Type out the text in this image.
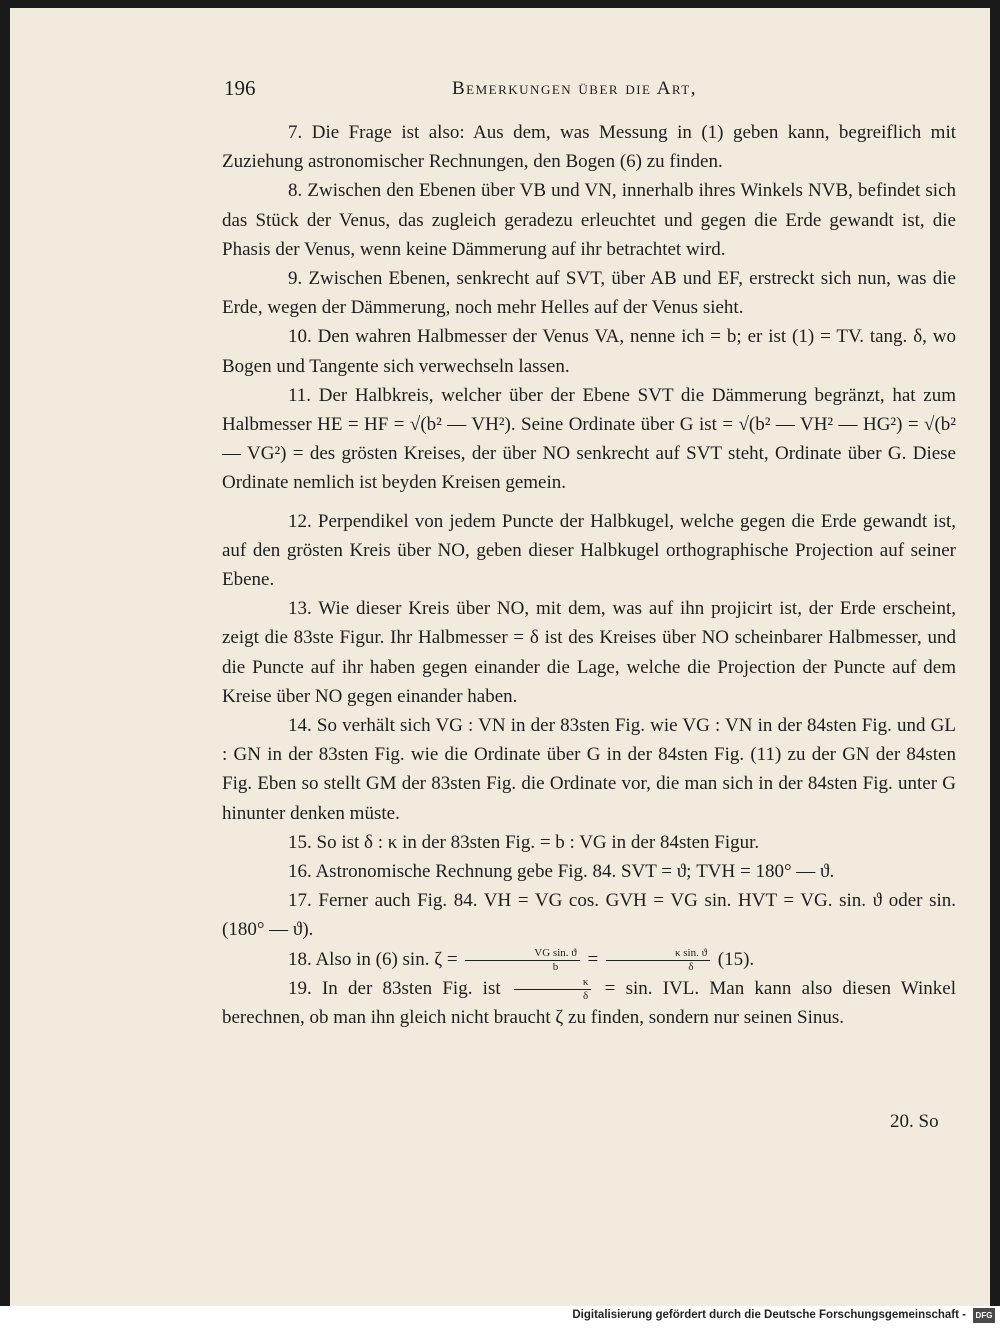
196	Bemerkungen über die Art,

7. Die Frage ist also: Aus dem, was Messung in (1) geben kann, begreiflich mit Zuziehung astronomischer Rechnungen, den Bogen (6) zu finden.

8. Zwischen den Ebenen über VB und VN, innerhalb ihres Winkels NVB, befindet sich das Stück der Venus, das zugleich geradezu erleuchtet und gegen die Erde gewandt ist, die Phasis der Venus, wenn keine Dämmerung auf ihr betrachtet wird.

9. Zwischen Ebenen, senkrecht auf SVT, über AB und EF, erstreckt sich nun, was die Erde, wegen der Dämmerung, noch mehr Helles auf der Venus sieht.

10. Den wahren Halbmesser der Venus VA, nenne ich = b; er ist (1) = TV. tang. δ, wo Bogen und Tangente sich verwechseln lassen.

11. Der Halbkreis, welcher über der Ebene SVT die Dämmerung begränzt, hat zum Halbmesser HE = HF = √(b² — VH²). Seine Ordinate über G ist = √(b² — VH² — HG²) = √(b² — VG²) = des grösten Kreises, der über NO senkrecht auf SVT steht, Ordinate über G. Diese Ordinate nemlich ist beyden Kreisen gemein.

12. Perpendikel von jedem Puncte der Halbkugel, welche gegen die Erde gewandt ist, auf den grösten Kreis über NO, geben dieser Halbkugel orthographische Projection auf seiner Ebene.

13. Wie dieser Kreis über NO, mit dem, was auf ihn projicirt ist, der Erde erscheint, zeigt die 83ste Figur. Ihr Halbmesser = δ ist des Kreises über NO scheinbarer Halbmesser, und die Puncte auf ihr haben gegen einander die Lage, welche die Projection der Puncte auf dem Kreise über NO gegen einander haben.

14. So verhält sich VG : VN in der 83sten Fig. wie VG : VN in der 84sten Fig. und GL : GN in der 83sten Fig. wie die Ordinate über G in der 84sten Fig. (11) zu der GN der 84sten Fig. Eben so stellt GM der 83sten Fig. die Ordinate vor, die man sich in der 84sten Fig. unter G hinunter denken müste.

15. So ist δ : κ in der 83sten Fig. = b : VG in der 84sten Figur.

16. Astronomische Rechnung gebe Fig. 84. SVT = ϑ; TVH = 180° — ϑ.

17. Ferner auch Fig. 84. VH = VG cos. GVH = VG sin. HVT = VG. sin. ϑ oder sin. (180° — ϑ).

18. Also in (6) sin. $\zeta = \frac{\text{VG sin. ϑ}}{b} = \frac{\text{κ sin. ϑ}}{\delta} (15)$.

19. In der 83sten Fig. ist $\frac{\kappa}{\delta} = \sin$. IVL. Man kann also diesen Winkel berechnen, ob man ihn gleich nicht braucht ζ zu finden, sondern nur seinen Sinus.

20. So
Digitalisierung gefördert durch die Deutsche Forschungsgemeinschaft -	DFG
